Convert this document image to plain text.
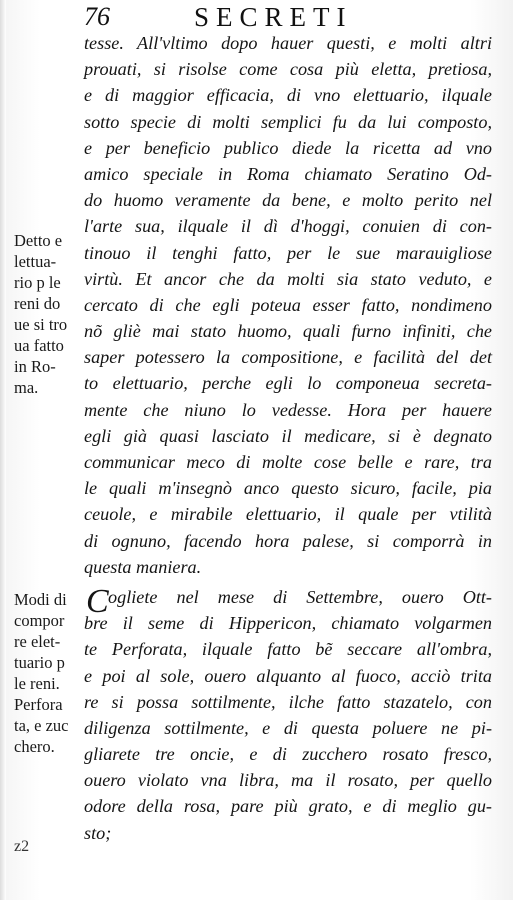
76	SECRETI
tesse. All'vltimo dopo hauer questi, e molti altri
prouati, si risolse come cosa più eletta, pretiosa,
e di maggior efficacia, di vno elettuario, ilquale
sotto specie di molti semplici fu da lui composto,
e per beneficio publico diede la ricetta ad vno
amico speciale in Roma chiamato Seratino Od-
do huomo veramente da bene, e molto perito nel
l'arte sua, ilquale il dì d'hoggi, conuien di con-
tinouo il tenghi fatto, per le sue marauigliose
virtù. Et ancor che da molti sia stato veduto, e
cercato di che egli poteua esser fatto, nondimeno
nõ gliè mai stato huomo, quali furno infiniti, che
saper potessero la compositione, e facilità del det
to elettuario, perche egli lo componeua secreta-
mente che niuno lo vedesse. Hora per hauere
egli già quasi lasciato il medicare, si è degnato
communicar meco di molte cose belle e rare, tra
le quali m'insegnò anco questo sicuro, facile, pia
ceuole, e mirabile elettuario, il quale per vtilità
di ognuno, facendo hora palese, si comporrà in
questa maniera.
C ogliete nel mese di Settembre, ouero Ott-
bre il seme di Hippericon, chiamato volgarmen
te Perforata, ilquale fatto bẽ seccare all'ombra,
e poi al sole, ouero alquanto al fuoco, acciò trita
re si possa sottilmente, ilche fatto stazatelo, con
diligenza sottilmente, e di questa poluere ne pi-
gliarete tre oncie, e di zucchero rosato fresco,
ouero violato vna libra, ma il rosato, per quello
odore della rosa, pare più grato, e di meglio gu-
sto;
Detto e
lettua-
rio p le
reni do
ue si tro
ua fatto
in Ro-
ma.
Modi di
compor
re elet-
tuario p
le reni.
Perfora
ta, e zuc
chero.
z2
